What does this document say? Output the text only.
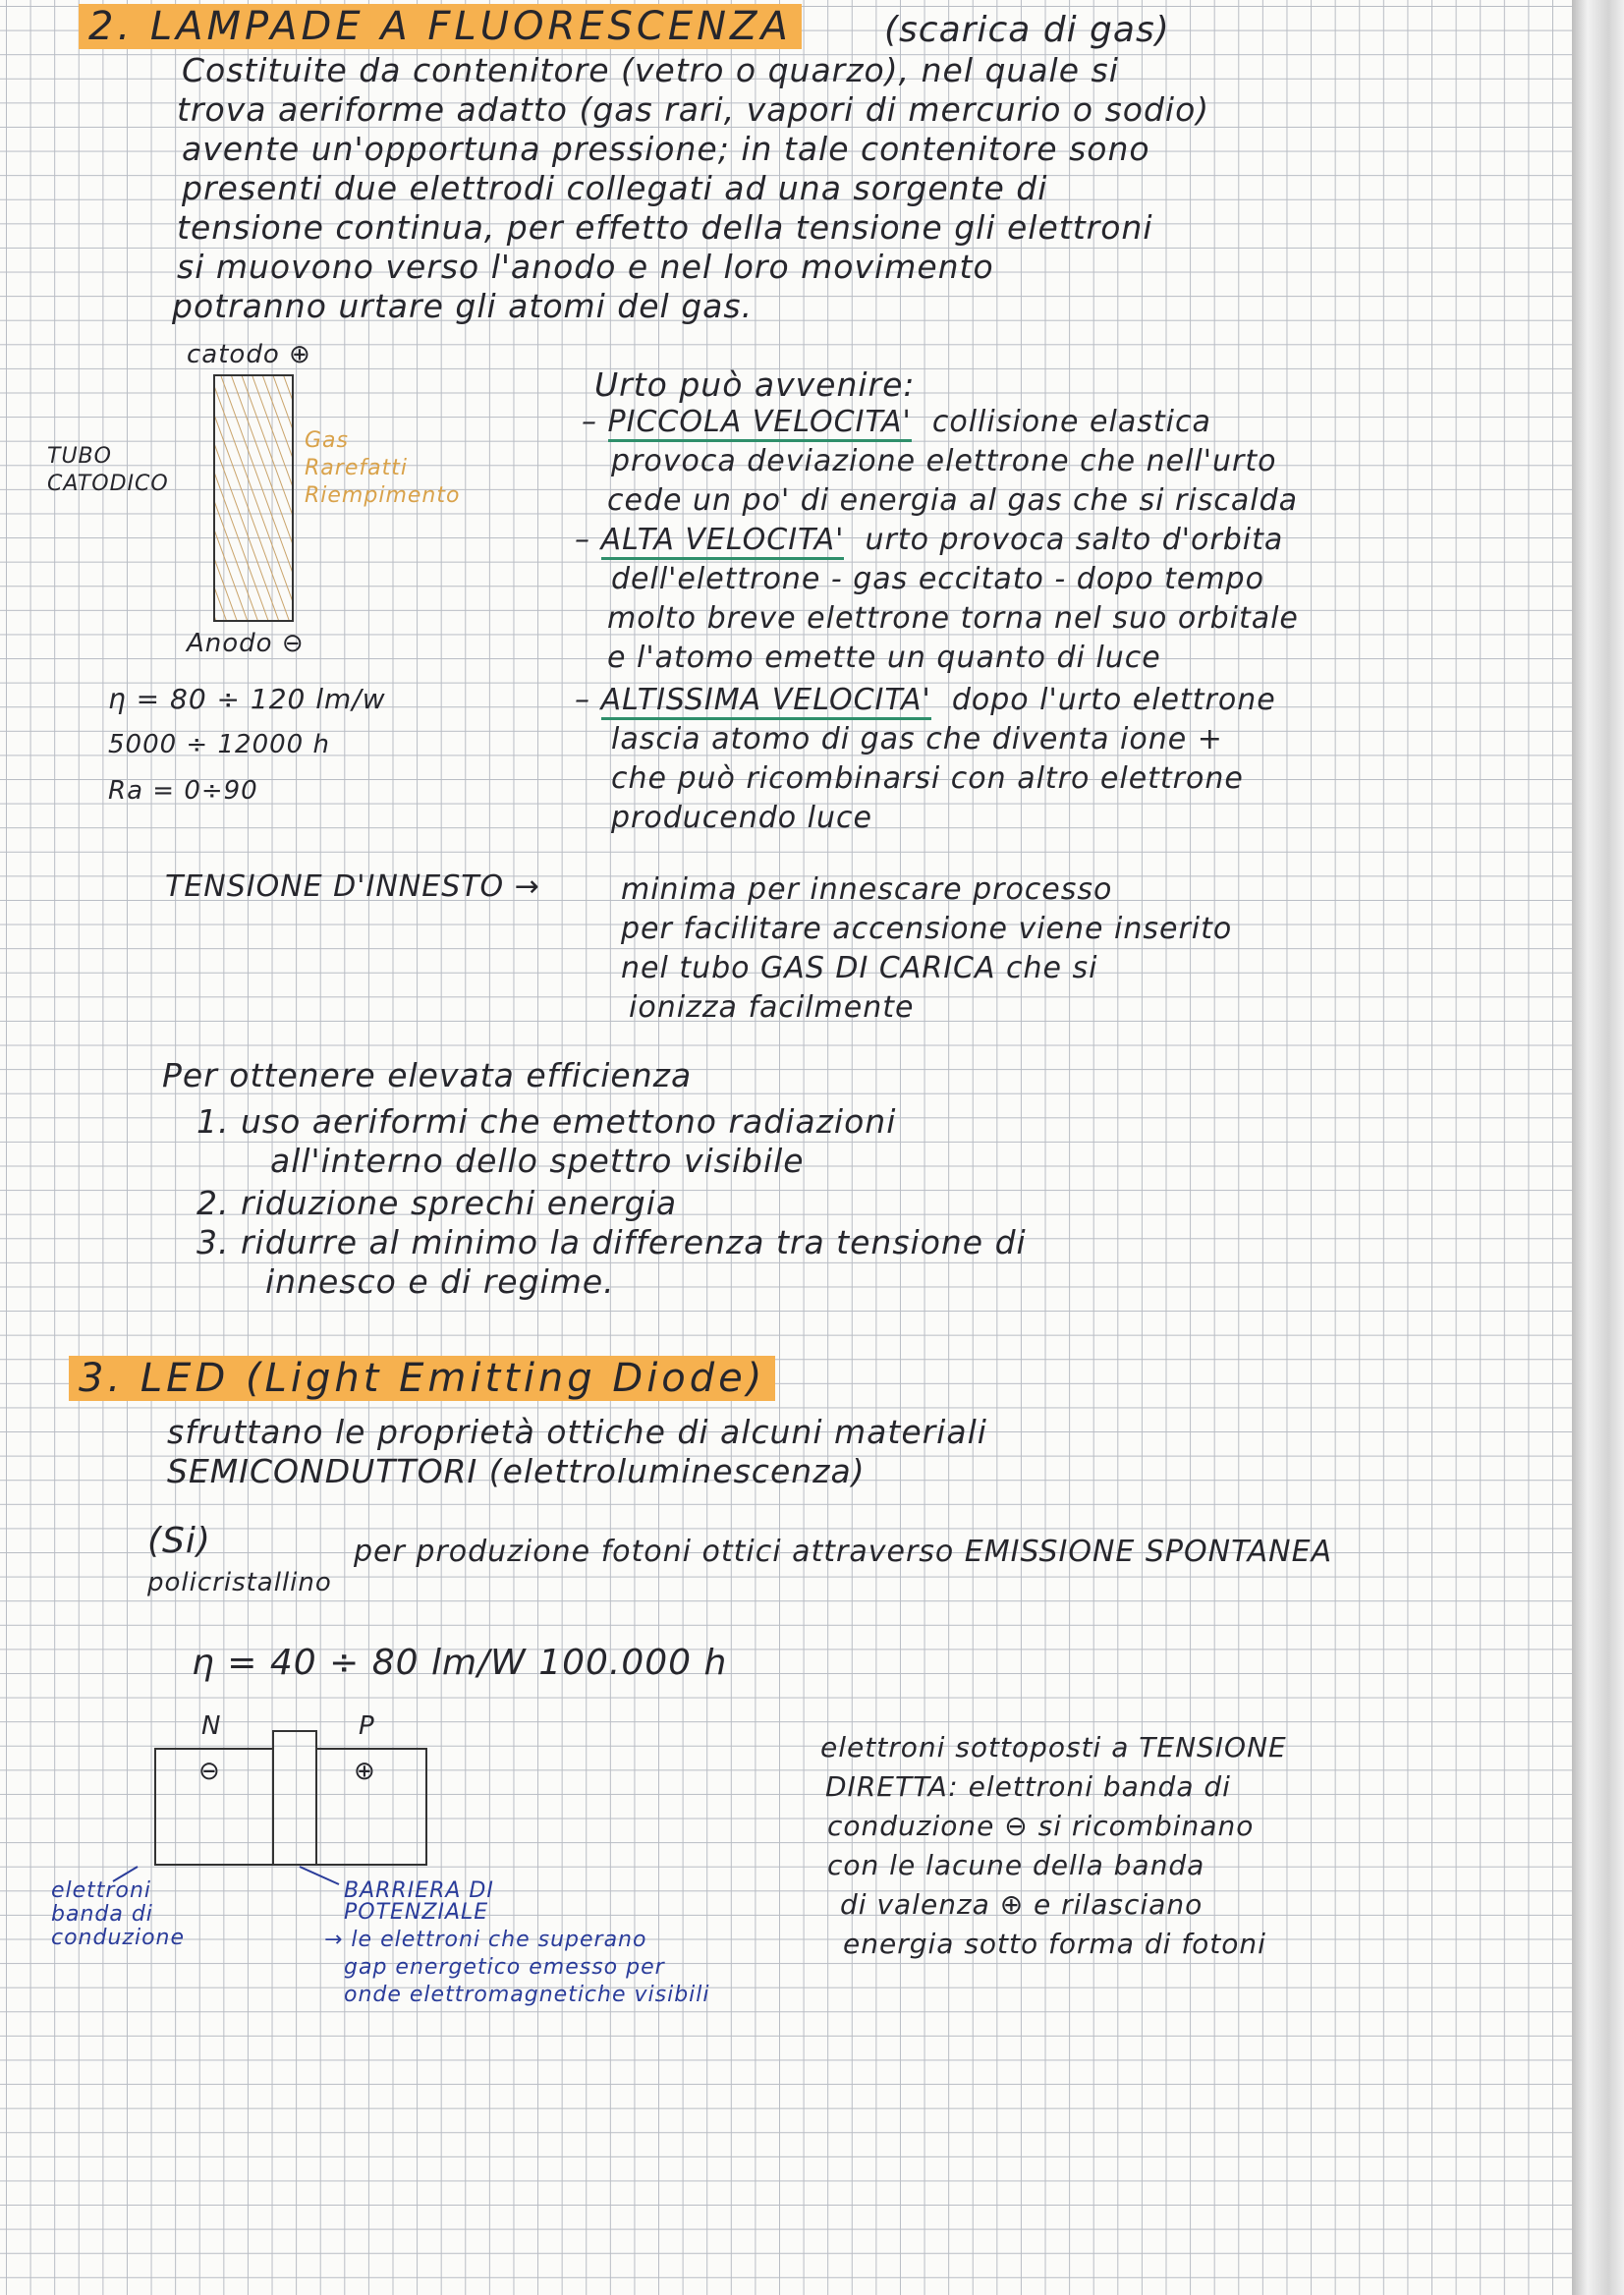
2. LAMPADE A FLUORESCENZA	(scarica di gas)
Costituite da contenitore (vetro o quarzo), nel quale si
trova aeriforme adatto (gas rari, vapori di mercurio o sodio)
avente un'opportuna pressione; in tale contenitore sono
presenti due elettrodi collegati ad una sorgente di
tensione continua, per effetto della tensione gli elettroni
si muovono verso l'anodo e nel loro movimento
potranno urtare gli atomi del gas.
catodo ⊕
Anodo ⊖
TUBO
CATODICO
Gas
Rarefatti
Riempimento
η = 80 ÷ 120 lm/w
5000 ÷ 12000 h
Ra = 0÷90
Urto può avvenire:
– PICCOLA VELOCITA' collisione elastica
provoca deviazione elettrone che nell'urto
cede un po' di energia al gas che si riscalda
– ALTA VELOCITA' urto provoca salto d'orbita
dell'elettrone - gas eccitato - dopo tempo
molto breve elettrone torna nel suo orbitale
e l'atomo emette un quanto di luce
– ALTISSIMA VELOCITA' dopo l'urto elettrone
lascia atomo di gas che diventa ione +
che può ricombinarsi con altro elettrone
producendo luce
TENSIONE D'INNESTO →	minima per innescare processo
per facilitare accensione viene inserito
nel tubo GAS DI CARICA che si
ionizza facilmente
Per ottenere elevata efficienza
1. uso aeriformi che emettono radiazioni
all'interno dello spettro visibile
2. riduzione sprechi energia
3. ridurre al minimo la differenza tra tensione di
innesco e di regime.
3. LED (Light Emitting Diode)
sfruttano le proprietà ottiche di alcuni materiali
SEMICONDUTTORI (elettroluminescenza)
(Si)
policristallino
per produzione fotoni ottici attraverso EMISSIONE SPONTANEA
η = 40 ÷ 80 lm/W 100.000 h
N	P
⊖	⊕
elettroni
banda di
conduzione
BARRIERA DI
POTENZIALE
→ le elettroni che superano
gap energetico emesso per
onde elettromagnetiche visibili
elettroni sottoposti a TENSIONE
DIRETTA: elettroni banda di
conduzione ⊖ si ricombinano
con le lacune della banda
di valenza ⊕ e rilasciano
energia sotto forma di fotoni
